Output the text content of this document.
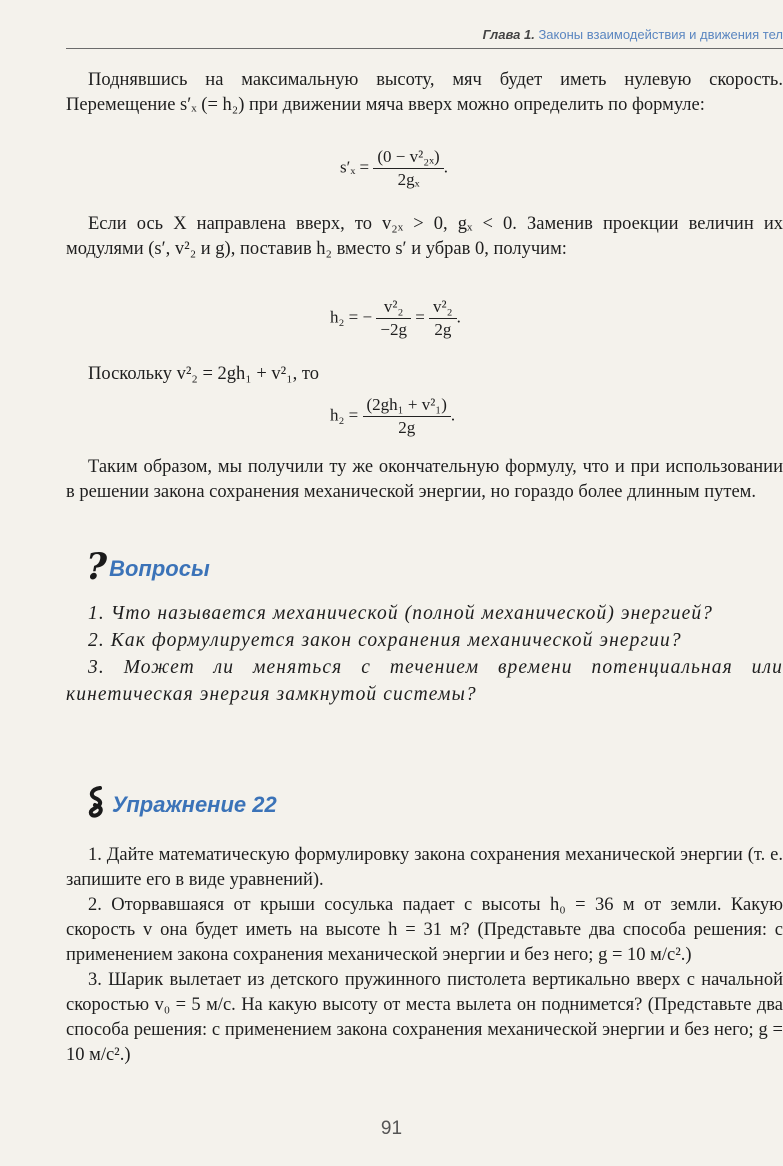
Глава 1. Законы взаимодействия и движения тел

Поднявшись на максимальную высоту, мяч будет иметь нулевую скорость. Перемещение s′ₓ (= h₂) при движении мяча вверх можно определить по формуле:

$s'_x = \frac{\text{(0 − v²₂ₓ)}}{\text{2gₓ}}$ .

Если ось X направлена вверх, то v₂ₓ > 0, gₓ < 0. Заменив проекции величин их модулями (s′, v²₂ и g), поставив h₂ вместо s′ и убрав 0, получим:

h₂ = − $\frac{\text{v²₂}}{-2g} = \frac{\text{v²₂}}{2g}$ .

Поскольку v²₂ = 2gh₁ + v²₁, то

$h_2 = \frac{\text{(2gh₁ + v²₁)}}{2g}$ .

Таким образом, мы получили ту же окончательную формулу, что и при использовании в решении закона сохранения механической энергии, но гораздо более длинным путем.

? Вопросы

1. Что называется механической (полной механической) энергией?

2. Как формулируется закон сохранения механической энергии?

3. Может ли меняться с течением времени потенциальная или кинетическая энергия замкнутой системы?

Упражнение 22

1. Дайте математическую формулировку закона сохранения механической энергии (т. е. запишите его в виде уравнений).

2. Оторвавшаяся от крыши сосулька падает с высоты h₀ = 36 м от земли. Какую скорость v она будет иметь на высоте h = 31 м? (Представьте два способа решения: с применением закона сохранения механической энергии и без него; g = 10 м/с².)

3. Шарик вылетает из детского пружинного пистолета вертикально вверх с начальной скоростью v₀ = 5 м/с. На какую высоту от места вылета он поднимется? (Представьте два способа решения: с применением закона сохранения механической энергии и без него; g = 10 м/с².)

91
